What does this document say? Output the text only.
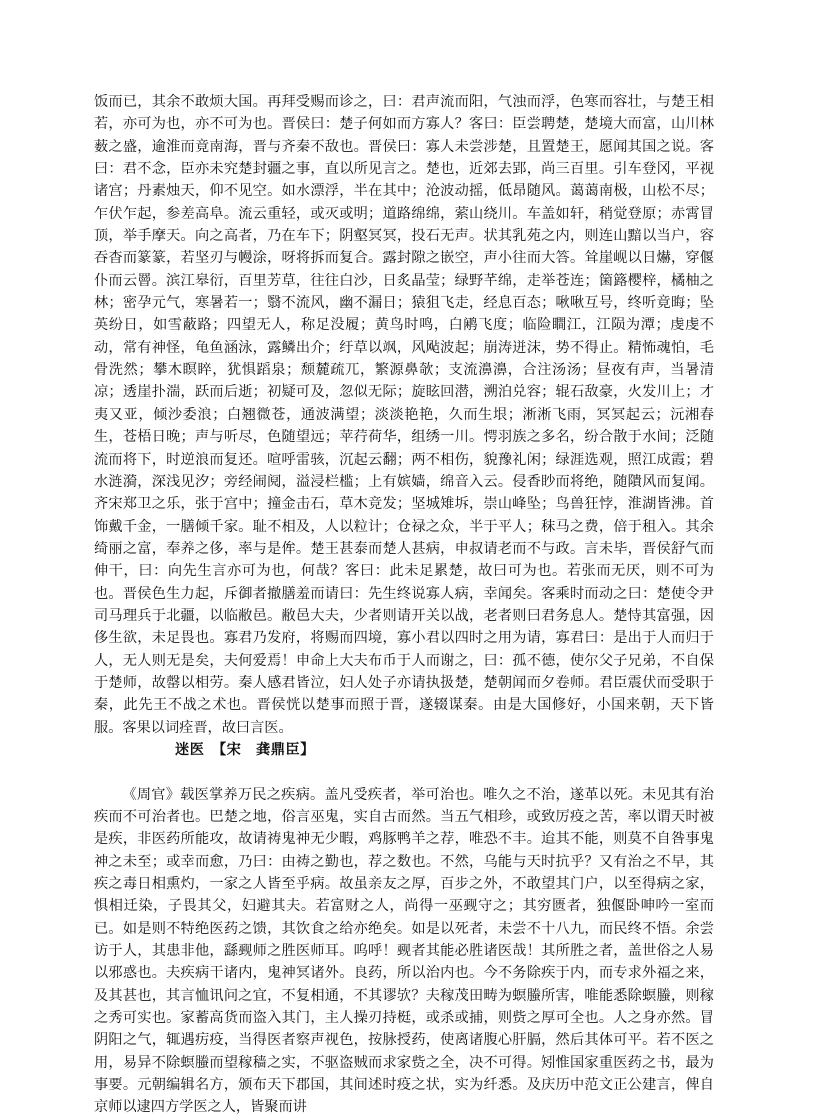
饭而已，其余不敢烦大国。再拜受赐而诊之，曰：君声流而阳，气浊而浮，色寒而容壮，与楚王相若，亦可为也，亦不可为也。晋侯曰：楚子何如而方寡人？客曰：臣尝聘楚，楚境大而富，山川林薮之盛，逾淮而竟南海，晋与齐秦不敌也。晋侯曰：寡人未尝涉楚，且置楚王，愿闻其国之说。客曰：君不念，臣亦未究楚封疆之事，直以所见言之。楚也，近郊去郢，尚三百里。引车登冈，平视诸宫；丹素烛天，仰不见空。如水漂浮，半在其中；沧波动摇，低昂随风。蔼蔼南极，山松不尽；乍伏乍起，参差高阜。流云重轻，或灭或明；道路绵绵，萦山绕川。车盖如轩，稍觉登原；赤霄冒顶，举手摩天。向之高者，乃在车下；阴壑冥冥，投石无声。状其乳苑之内，则连山黯以当户，容吞杳而篆篆，若坚刃与幔涂，呀将拆而复合。露封隙之嵌空，声小往而大答。耸崖岘以日爀，穿偃仆而云罾。滨江皋衍，百里芳草，往往白沙，日炙晶莹；绿野芊绵，走举苍连；箘簬樱梓，橘柚之林；密孕元气，寒暑若一；翳不流风，幽不漏日；猿狙飞走，经息百态；啾啾互号，终听竟晦；坠英纷日，如雪蔽路；四望无人，称足没履；黄鸟时鸣，白鹇飞度；临险瞷江，江陨为潭；虔虔不动，常有神怪，龟鱼涵泳，露鳞出介；纡草以飒，风飐波起；崩涛迸沫，势不得止。精怖魂怕，毛骨洗然；攀木瞑睟，犹惧蹈泉；颓麓疏兀，繁源鼻欹；支流濞濞，合注汤汤；昼夜有声，当暑清凉；透崖扑湍，跃而后逝；初疑可及，忽似无际；旋眩回潜，溯泊兑容；辊石敌豪，火发川上；才夷又亚，倾沙委浪；白翘微苍，通波满望；淡淡艳艳，久而生垠；淅淅飞雨，冥冥起云；沅湘春生，苍梧日晚；声与听尽，色随望远；苹荇荷华，组绣一川。愕羽族之多名，纷合散于水间；泛随流而将下，时逆浪而复还。喧呼雷骇，沉起云翻；两不相伤，貌豫礼闲；绿涯选观，照江成霞；碧水涟漪，深浅见汐；旁经闹阋，溢浸栏槛；上有嫔嫱，绵音入云。侵香眇而将绝，随隤风而复闻。齐宋郑卫之乐，张于宫中；撞金击石，草木竞发；坚城雉坼，崇山峰坠；鸟兽狂悖，淮湖皆沸。首饰戴千金，一膳倾千家。耻不相及，人以粒计；仓禄之众，半于平人；秣马之费，倍于租入。其余绮丽之富，奉养之侈，率与是侔。楚王甚泰而楚人甚病，申叔请老而不与政。言未毕，晋侯舒气而伸干，曰：向先生言亦可为也，何哉？客曰：此未足累楚，故曰可为也。若张而无厌，则不可为也。晋侯色生力起，斥御者撤膳羞而请曰：先生终说寡人病，幸闻矣。客乘时而动之曰：楚使令尹司马理兵于北疆，以临敝邑。敝邑大夫，少者则请开关以战，老者则曰君务息人。楚恃其富强，因侈生欲，未足畏也。寡君乃发府，将赐而四境，寡小君以四时之用为请，寡君曰：是出于人而归于人，无人则无是矣，夫何爱焉！申命上大夫布币于人而谢之，曰：孤不德，使尔父子兄弟，不自保于楚师，故罄以相劳。秦人感君皆泣，妇人处子亦请执扱楚，楚朝闻而夕卷师。君臣震伏而受职于秦，此先王不战之术也。晋侯恍以楚事而照于晋，遂辍谋秦。由是大国修好，小国来朝，天下皆服。客果以词痊晋，故曰言医。

迷医　 【宋　龚鼎臣】

《周官》载医掌养万民之疾病。盖凡受疾者，举可治也。唯久之不治，遂革以死。未见其有治疾而不可治者也。巴楚之地，俗言巫鬼，实自古而然。当五气相珍，或致厉疫之苦，率以谓天时被是疾，非医药所能攻，故请祷鬼神无少暇，鸡豚鸭羊之荐，唯恐不丰。迨其不能，则莫不自咎事鬼神之未至；或幸而愈，乃曰：由祷之勤也，荐之数也。不然，乌能与天时抗乎？又有治之不早，其疾之毒日相熏灼，一家之人皆至乎病。故虽亲友之厚，百步之外，不敢望其门户，以至得病之家，惧相迁染，子畏其父，妇避其夫。若富财之人，尚得一巫觋守之；其穷匮者，独偃卧呻吟一室而已。如是则不特绝医药之馈，其饮食之给亦绝矣。如是以死者，未尝不十八九，而民终不悟。余尝访于人，其患非他，繇觋师之胜医师耳。呜呼！觋者其能必胜诸医哉！其所胜之者，盖世俗之人易以邪惑也。夫疾病干诸内，鬼神冥诸外。良药，所以治内也。今不务除疾于内，而专求外福之来，及其甚也，其言恤讯问之宜，不复相通，不其谬欤？夫稼茂田畴为螟螣所害，唯能悉除螟螣，则稼之秀可实也。家蓄高货而盗入其门，主人操刃持梃，或杀或捕，则赀之厚可全也。人之身亦然。冒阴阳之气，辄遇疠疫，当得医者察声视色，按脉授药，使离诸腹心肝膈，然后其体可平。若不医之用，易异不除螟螣而望稼穑之实，不驱盗贼而求家赀之全，决不可得。矧惟国家重医药之书，最为事要。元朝编辑名方，颁布天下郡国，其间述时疫之状，实为纤悉。及庆历中范文正公建言，俾自京师以逮四方学医之人，皆聚而讲
